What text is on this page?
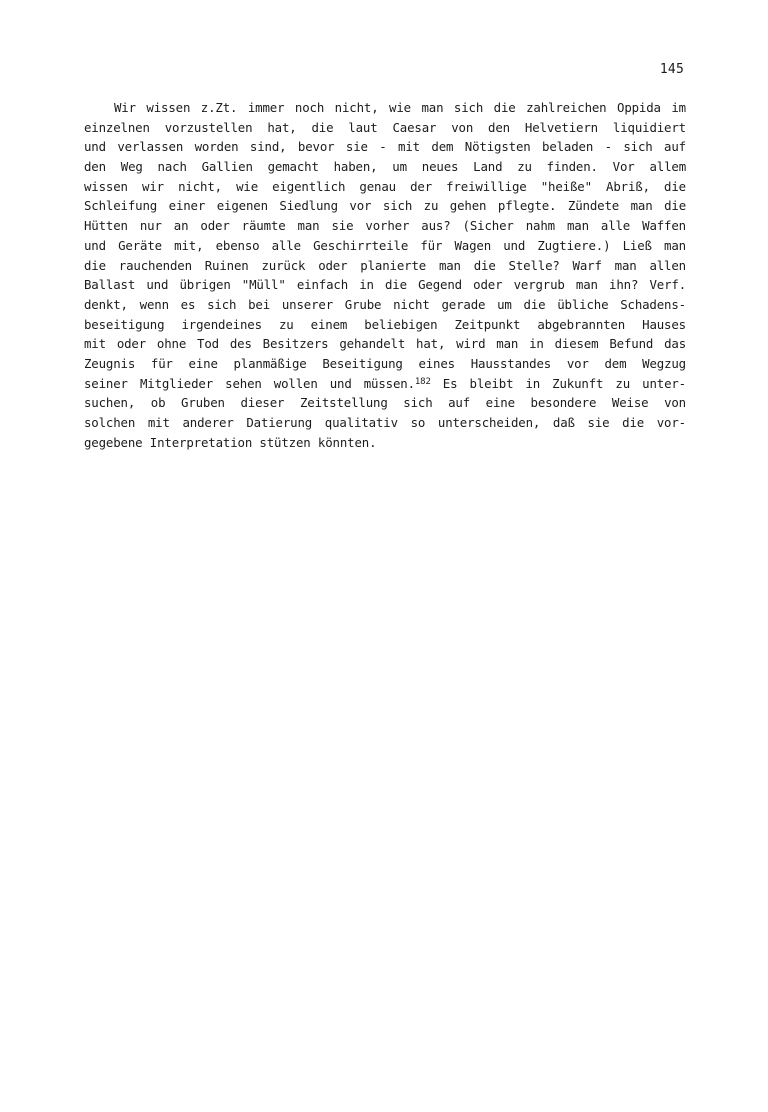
145
Wir wissen z.Zt. immer noch nicht, wie man sich die zahlreichen Oppida im
einzelnen vorzustellen hat, die laut Caesar von den Helvetiern liquidiert
und verlassen worden sind, bevor sie - mit dem Nötigsten beladen - sich auf
den Weg nach Gallien gemacht haben, um neues Land zu finden. Vor allem
wissen wir nicht, wie eigentlich genau der freiwillige "heiße" Abriß, die
Schleifung einer eigenen Siedlung vor sich zu gehen pflegte. Zündete man die
Hütten nur an oder räumte man sie vorher aus? (Sicher nahm man alle Waffen
und Geräte mit, ebenso alle Geschirrteile für Wagen und Zugtiere.) Ließ man
die rauchenden Ruinen zurück oder planierte man die Stelle? Warf man allen
Ballast und übrigen "Müll" einfach in die Gegend oder vergrub man ihn? Verf.
denkt, wenn es sich bei unserer Grube nicht gerade um die übliche Schadens-
beseitigung irgendeines zu einem beliebigen Zeitpunkt abgebrannten Hauses
mit oder ohne Tod des Besitzers gehandelt hat, wird man in diesem Befund das
Zeugnis für eine planmäßige Beseitigung eines Hausstandes vor dem Wegzug
seiner Mitglieder sehen wollen und müssen.$^{182}$ Es bleibt in Zukunft zu unter-
suchen, ob Gruben dieser Zeitstellung sich auf eine besondere Weise von
solchen mit anderer Datierung qualitativ so unterscheiden, daß sie die vor-
gegebene Interpretation stützen könnten.
